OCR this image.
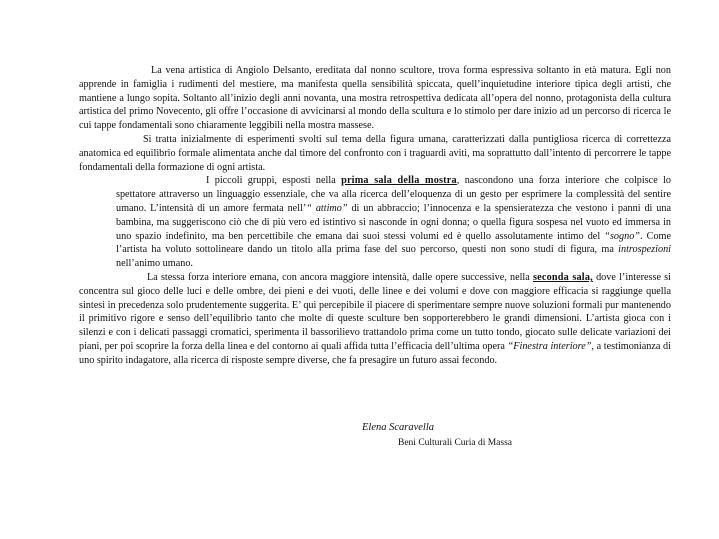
La vena artistica di Angiolo Delsanto, ereditata dal nonno scultore, trova forma espressiva soltanto in età matura. Egli non apprende in famiglia i rudimenti del mestiere, ma manifesta quella sensibilità spiccata, quell’inquietudine interiore tipica degli artisti, che mantiene a lungo sopita. Soltanto all’inizio degli anni novanta, una mostra retrospettiva dedicata all’opera del nonno, protagonista della cultura artistica del primo Novecento, gli offre l’occasione di avvicinarsi al mondo della scultura e lo stimolo per dare inizio ad un percorso di ricerca le cui tappe fondamentali sono chiaramente leggibili nella mostra massese.

Si tratta inizialmente di esperimenti svolti sul tema della figura umana, caratterizzati dalla puntigliosa ricerca di correttezza anatomica ed equilibrio formale alimentata anche dal timore del confronto con i traguardi aviti, ma soprattutto dall’intento di percorrere le tappe fondamentali della formazione di ogni artista.

I piccoli gruppi, esposti nella prima sala della mostra, nascondono una forza interiore che colpisce lo spettatore attraverso un linguaggio essenziale, che va alla ricerca dell’eloquenza di un gesto per esprimere la complessità del sentire umano. L’intensità di un amore fermata nell’“ attimo” di un abbraccio; l’innocenza e la spensieratezza che vestono i panni di una bambina, ma suggeriscono ciò che di più vero ed istintivo si nasconde in ogni donna; o quella figura sospesa nel vuoto ed immersa in uno spazio indefinito, ma ben percettibile che emana dai suoi stessi volumi ed è quello assolutamente intimo del “sogno”. Come l’artista ha voluto sottolineare dando un titolo alla prima fase del suo percorso, questi non sono studi di figura, ma introspezioni nell’animo umano.

La stessa forza interiore emana, con ancora maggiore intensità, dalle opere successive, nella seconda sala, dove l’interesse si concentra sul gioco delle luci e delle ombre, dei pieni e dei vuoti, delle linee e dei volumi e dove con maggiore efficacia si raggiunge quella sintesi in precedenza solo prudentemente suggerita. E’ qui percepibile il piacere di sperimentare sempre nuove soluzioni formali pur mantenendo il primitivo rigore e senso dell’equilibrio tanto che molte di queste sculture ben sopporterebbero le grandi dimensioni. L’artista gioca con i silenzi e con i delicati passaggi cromatici, sperimenta il bassorilievo trattandolo prima come un tutto tondo, giocato sulle delicate variazioni dei piani, per poi scoprire la forza della linea e del contorno ai quali affida tutta l’efficacia dell’ultima opera “Finestra interiore”, a testimonianza di uno spirito indagatore, alla ricerca di risposte sempre diverse, che fa presagire un futuro assai fecondo.

Elena Scaravella
Beni Culturali Curia di Massa
